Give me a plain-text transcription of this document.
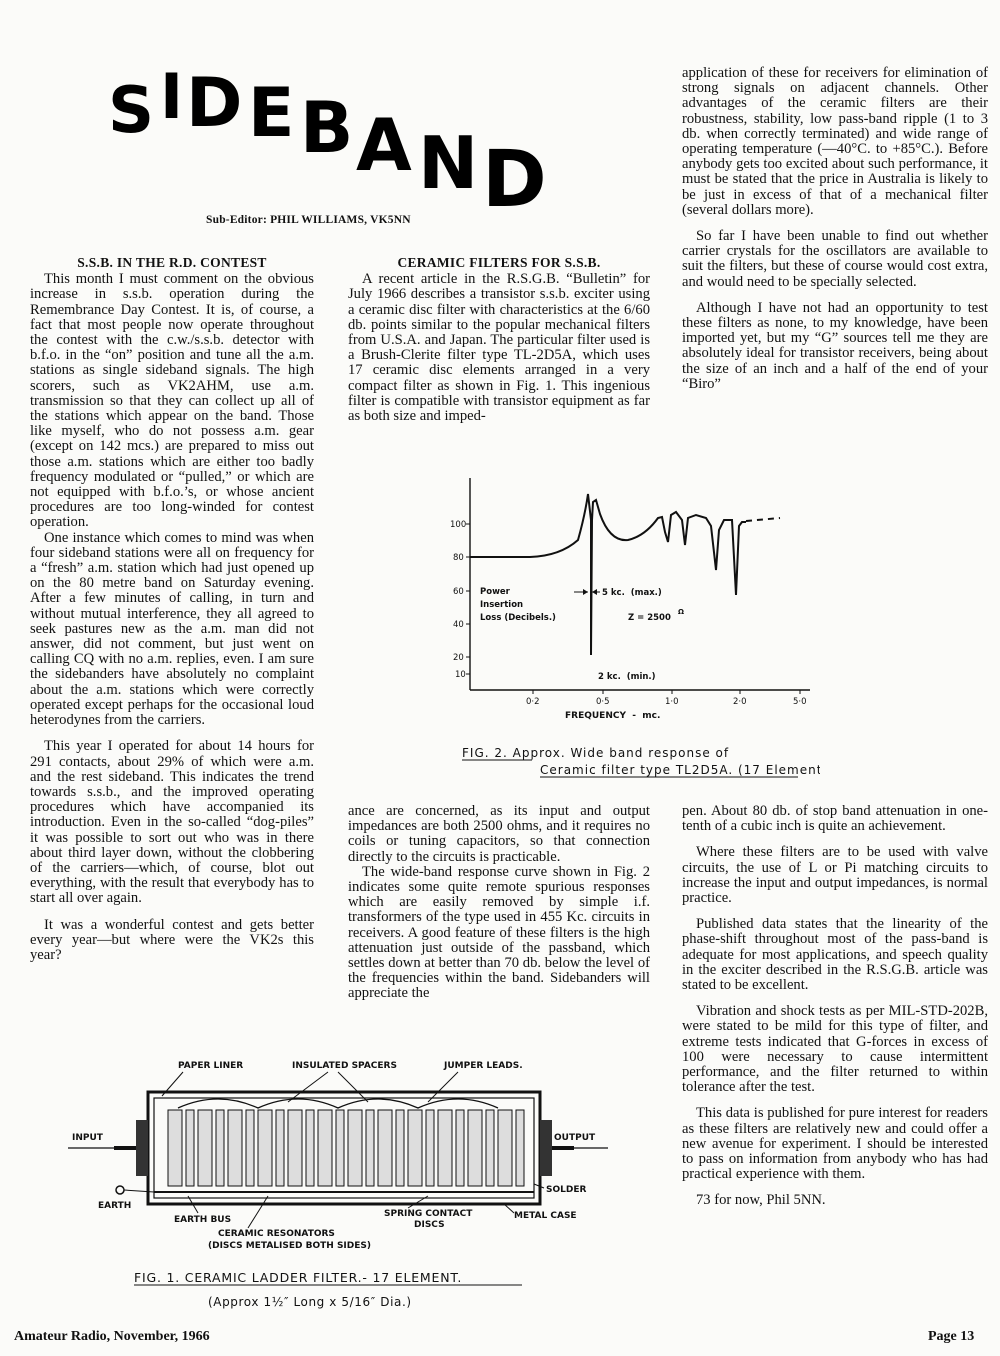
S I D E B A N D
Sub-Editor: PHIL WILLIAMS, VK5NN
S.S.B. IN THE R.D. CONTEST

This month I must comment on the obvious increase in s.s.b. operation during the Remembrance Day Contest. It is, of course, a fact that most people now operate throughout the contest with the c.w./s.s.b. detector with b.f.o. in the “on” position and tune all the a.m. stations as single sideband signals. The high scorers, such as VK2AHM, use a.m. transmission so that they can collect up all of the stations which appear on the band. Those like myself, who do not possess a.m. gear (except on 142 mcs.) are prepared to miss out those a.m. stations which are either too badly frequency modulated or “pulled,” or which are not equipped with b.f.o.’s, or whose ancient procedures are too long-winded for contest operation.

One instance which comes to mind was when four sideband stations were all on frequency for a “fresh” a.m. station which had just opened up on the 80 metre band on Saturday evening. After a few minutes of calling, in turn and without mutual interference, they all agreed to seek pastures new as the a.m. man did not answer, did not comment, but just went on calling CQ with no a.m. replies, even. I am sure the sidebanders have absolutely no complaint about the a.m. stations which were correctly operated except perhaps for the occasional loud heterodynes from the carriers.

This year I operated for about 14 hours for 291 contacts, about 29% of which were a.m. and the rest sideband. This indicates the trend towards s.s.b., and the improved operating procedures which have accompanied its introduction. Even in the so-called “dog-piles” it was possible to sort out who was in there about third layer down, without the clobbering of the carriers—which, of course, blot out everything, with the result that everybody has to start all over again.

It was a wonderful contest and gets better every year—but where were the VK2s this year?

CERAMIC FILTERS FOR S.S.B.

A recent article in the R.S.G.B. “Bulletin” for July 1966 describes a transistor s.s.b. exciter using a ceramic disc filter with characteristics at the 6/60 db. points similar to the popular mechanical filters from U.S.A. and Japan. The particular filter used is a Brush-Clerite filter type TL-2D5A, which uses 17 ceramic disc elements arranged in a very compact filter as shown in Fig. 1. This ingenious filter is compatible with transistor equipment as far as both size and imped-

ance are concerned, as its input and output impedances are both 2500 ohms, and it requires no coils or tuning capacitors, so that connection directly to the circuits is practicable.

The wide-band response curve shown in Fig. 2 indicates some quite remote spurious responses which are easily removed by simple i.f. transformers of the type used in 455 Kc. circuits in receivers. A good feature of these filters is the high attenuation just outside of the passband, which settles down at better than 70 db. below the level of the frequencies within the band. Sidebanders will appreciate the

application of these for receivers for elimination of strong signals on adjacent channels. Other advantages of the ceramic filters are their robustness, stability, low pass-band ripple (1 to 3 db. when correctly terminated) and wide range of operating temperature (—40°C. to +85°C.). Before anybody gets too excited about such performance, it must be stated that the price in Australia is likely to be just in excess of that of a mechanical filter (several dollars more).

So far I have been unable to find out whether carrier crystals for the oscillators are available to suit the filters, but these of course would cost extra, and would need to be specially selected.

Although I have not had an opportunity to test these filters as none, to my knowledge, have been imported yet, but my “G” sources tell me they are absolutely ideal for transistor receivers, being about the size of an inch and a half of the end of your “Biro”

pen. About 80 db. of stop band attenuation in one-tenth of a cubic inch is quite an achievement.

Where these filters are to be used with valve circuits, the use of L or Pi matching circuits to increase the input and output impedances, is normal practice.

Published data states that the linearity of the phase-shift throughout most of the pass-band is adequate for most applications, and speech quality in the exciter described in the R.S.G.B. article was stated to be excellent.

Vibration and shock tests as per MIL-STD-202B, were stated to be mild for this type of filter, and extreme tests indicated that G-forces in excess of 100 were necessary to cause intermittent performance, and the filter returned to within tolerance after the test.

This data is published for pure interest for readers as these filters are relatively new and could offer a new avenue for experiment. I should be interested to pass on information from anybody who has had practical experience with them.

73 for now, Phil 5NN.

100
80
60
40
20
10
0·2	0·5	1·0	2·0	5·0
FREQUENCY  -  mc.
5 kc.  (max.)
Power
Insertion
Loss (Decibels.)	Z = 2500
Ω
2 kc.  (min.)
FIG. 2. Approx. Wide band response of
Ceramic filter type TL2D5A. (17 Element)
PAPER LINER	INSULATED SPACERS	JUMPER LEADS.
INPUT	OUTPUT
EARTH
EARTH BUS
SOLDER
SPRING CONTACT
DISCS
METAL CASE
CERAMIC RESONATORS
(DISCS METALISED BOTH SIDES)
FIG. 1. CERAMIC LADDER FILTER.- 17 ELEMENT.
(Approx 1½″ Long x 5/16″ Dia.)
Amateur Radio, November, 1966	Page 13
